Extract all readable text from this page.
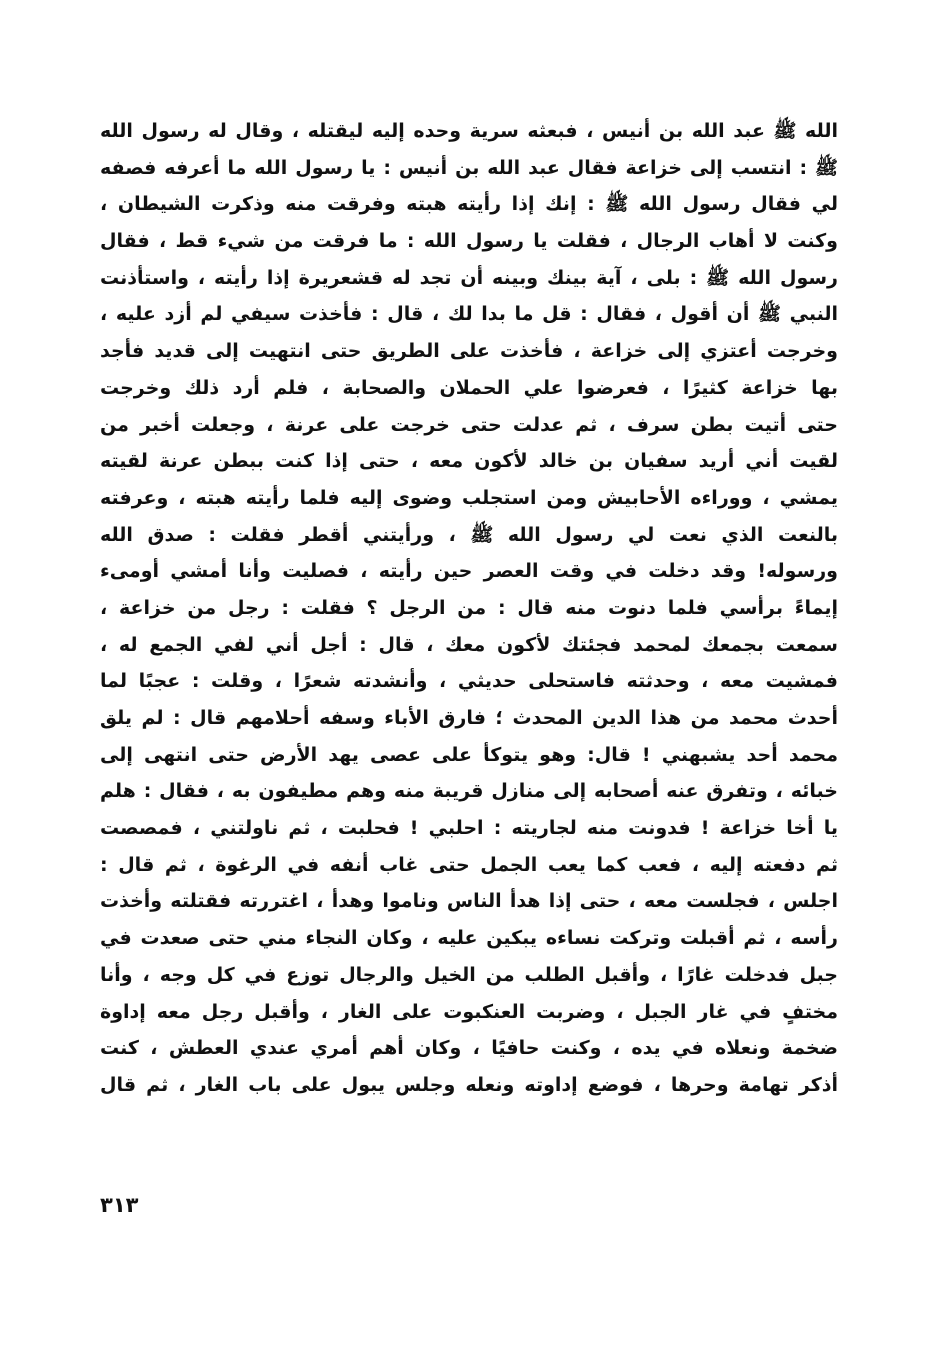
الله ﷺ عبد الله بن أنيس ، فبعثه سرية وحده إليه ليقتله ، وقال له رسول الله
ﷺ : انتسب إلى خزاعة فقال عبد الله بن أنيس : يا رسول الله ما أعرفه فصفه
لي فقال رسول الله ﷺ : إنك إذا رأيته هبته وفرقت منه وذكرت الشيطان ،
وكنت لا أهاب الرجال ، فقلت يا رسول الله : ما فرقت من شيء قط ، فقال
رسول الله ﷺ : بلى ، آية بينك وبينه أن تجد له قشعريرة إذا رأيته ، واستأذنت
النبي ﷺ أن أقول ، فقال : قل ما بدا لك ، قال : فأخذت سيفي لم أزد عليه ،
وخرجت أعتزي إلى خزاعة ، فأخذت على الطريق حتى انتهيت إلى قديد فأجد
بها خزاعة كثيرًا ، فعرضوا علي الحملان والصحابة ، فلم أرد ذلك وخرجت
حتى أتيت بطن سرف ، ثم عدلت حتى خرجت على عرنة ، وجعلت أخبر من
لقيت أني أريد سفيان بن خالد لأكون معه ، حتى إذا كنت ببطن عرنة لقيته
يمشي ، ووراءه الأحابيش ومن استجلب وضوى إليه فلما رأيته هبته ، وعرفته
بالنعت الذي نعت لي رسول الله ﷺ ، ورأيتني أقطر فقلت : صدق الله
ورسوله! وقد دخلت في وقت العصر حين رأيته ، فصليت وأنا أمشي أومىء
إيماءً برأسي فلما دنوت منه قال : من الرجل ؟ فقلت : رجل من خزاعة ،
سمعت بجمعك لمحمد فجئتك لأكون معك ، قال : أجل أني لفي الجمع له ،
فمشيت معه ، وحدثته فاستحلى حديثي ، وأنشدته شعرًا ، وقلت : عجبًا لما
أحدث محمد من هذا الدين المحدث ؛ فارق الأباء وسفه أحلامهم قال : لم يلق
محمد أحد يشبهني ! قال: وهو يتوكأ على عصى يهد الأرض حتى انتهى إلى
خبائه ، وتفرق عنه أصحابه إلى منازل قريبة منه وهم مطيفون به ، فقال : هلم
يا أخا خزاعة ! فدونت منه لجاريته : احلبي ! فحلبت ، ثم ناولتني ، فمصصت
ثم دفعته إليه ، فعب كما يعب الجمل حتى غاب أنفه في الرغوة ، ثم قال :
اجلس ، فجلست معه ، حتى إذا هدأ الناس وناموا وهدأ ، اغتررته فقتلته وأخذت
رأسه ، ثم أقبلت وتركت نساءه يبكين عليه ، وكان النجاء مني حتى صعدت في
جبل فدخلت غارًا ، وأقبل الطلب من الخيل والرجال توزع في كل وجه ، وأنا
مختفٍ في غار الجبل ، وضربت العنكبوت على الغار ، وأقبل رجل معه إداوة
ضخمة ونعلاه في يده ، وكنت حافيًا ، وكان أهم أمري عندي العطش ، كنت
أذكر تهامة وحرها ، فوضع إداوته ونعله وجلس يبول على باب الغار ، ثم قال
٣١٣
